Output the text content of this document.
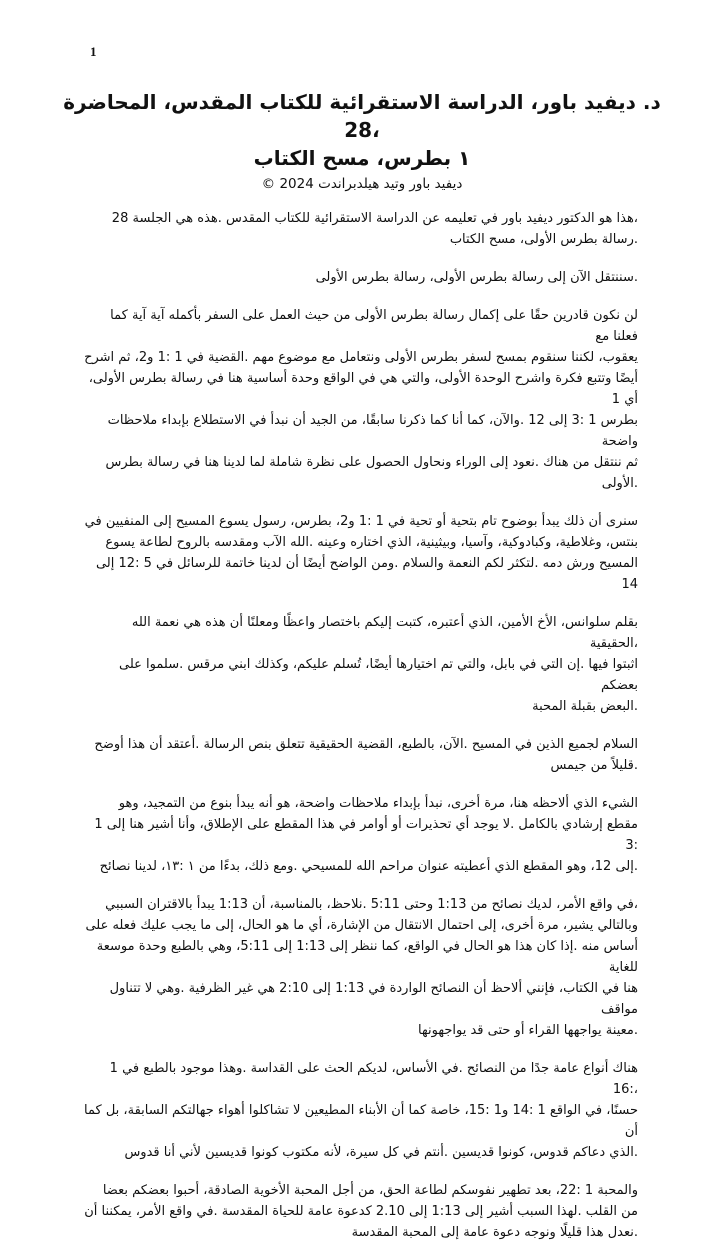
1
د. ديفيد باور، الدراسة الاستقرائية للكتاب المقدس، المحاضرة 28،
١ بطرس، مسح الكتاب
© ديفيد باور وتيد هيلدبراندت 2024
هذا هو الدكتور ديفيد باور في تعليمه عن الدراسة الاستقرائية للكتاب المقدس .هذه هي الجلسة 28،
رسالة بطرس الأولى، مسح الكتاب.
سننتقل الآن إلى رسالة بطرس الأولى، رسالة بطرس الأولى.
لن نكون قادرين حقًا على إكمال رسالة بطرس الأولى من حيث العمل على السفر بأكمله آية آية كما فعلنا مع
يعقوب، لكننا سنقوم بمسح لسفر بطرس الأولى ونتعامل مع موضوع مهم .القضية في 1 :1 و2، ثم اشرح
أيضًا وتتبع فكرة واشرح الوحدة الأولى، والتي هي في الواقع وحدة أساسية هنا في رسالة بطرس الأولى، أي 1
بطرس 1 :3 إلى 12 .والآن، كما أنا كما ذكرنا سابقًا، من الجيد أن نبدأ في الاستطلاع بإبداء ملاحظات واضحة
ثم ننتقل من هناك .نعود إلى الوراء ونحاول الحصول على نظرة شاملة لما لدينا هنا في رسالة بطرس الأولى.
سنرى أن ذلك يبدأ بوضوح تام بتحية أو تحية في 1 :1 و2، بطرس، رسول يسوع المسيح إلى المنفيين في
بنتس، وغلاطية، وكبادوكية، وآسيا، وبيثينية، الذي اختاره وعينه .الله الآب ومقدسه بالروح لطاعة يسوع
المسيح ورش دمه .لتكثر لكم النعمة والسلام .ومن الواضح أيضًا أن لدينا خاتمة للرسائل في 5 :12 إلى 14
بقلم سلوانس، الأخ الأمين، الذي أعتبره، كتبت إليكم باختصار واعظًا ومعلنًا أن هذه هي نعمة الله الحقيقية،
اثبتوا فيها .إن التي في بابل، والتي تم اختيارها أيضًا، تُسلم عليكم، وكذلك ابني مرقس .سلموا على بعضكم
البعض بقبلة المحبة.
السلام لجميع الذين في المسيح .الآن، بالطبع، القضية الحقيقية تتعلق بنص الرسالة .أعتقد أن هذا أوضح
قليلاً من جيمس.
الشيء الذي ألاحظه هنا، مرة أخرى، نبدأ بإبداء ملاحظات واضحة، هو أنه يبدأ بنوع من التمجيد، وهو
مقطع إرشادي بالكامل .لا يوجد أي تحذيرات أو أوامر في هذا المقطع على الإطلاق، وأنا أشير هنا إلى 1 :3
إلى 12، وهو المقطع الذي أعطيته عنوان مراحم الله للمسيحي .ومع ذلك، بدءًا من ١ :١٣، لدينا نصائح.
في واقع الأمر، لديك نصائح من 1:13 وحتى 5:11 .نلاحظ، بالمناسبة، أن 1:13 يبدأ بالاقتران السببي،
وبالتالي يشير، مرة أخرى، إلى احتمال الانتقال من الإشارة، أي ما هو الحال، إلى ما يجب عليك فعله على
أساس منه .إذا كان هذا هو الحال في الواقع، كما ننظر إلى 1:13 إلى 5:11، وهي بالطبع وحدة موسعة للغاية
هنا في الكتاب، فإنني ألاحظ أن النصائح الواردة في 1:13 إلى 2:10 هي غير الظرفية .وهي لا تتناول مواقف
معينة يواجهها القراء أو حتى قد يواجهونها.
هناك أنواع عامة جدًا من النصائح .في الأساس، لديكم الحث على القداسة .وهذا موجود بالطبع في 1 :16،
حسنًا، في الواقع 1 :14 و1 :15، خاصة كما أن الأبناء المطيعين لا تشاكلوا أهواء جهالتكم السابقة، بل كما أن
الذي دعاكم قدوس، كونوا قديسين .أنتم في كل سيرة، لأنه مكتوب كونوا قديسين لأني أنا قدوس.
والمحبة 1 :22، بعد تطهير نفوسكم لطاعة الحق، من أجل المحبة الأخوية الصادقة، أحبوا بعضكم بعضا
من القلب .لهذا السبب أشير إلى 1:13 إلى 2.10 كدعوة عامة للحياة المقدسة .في واقع الأمر، يمكننا أن
نعدل هذا قليلًا ونوجه دعوة عامة إلى المحبة المقدسة.
